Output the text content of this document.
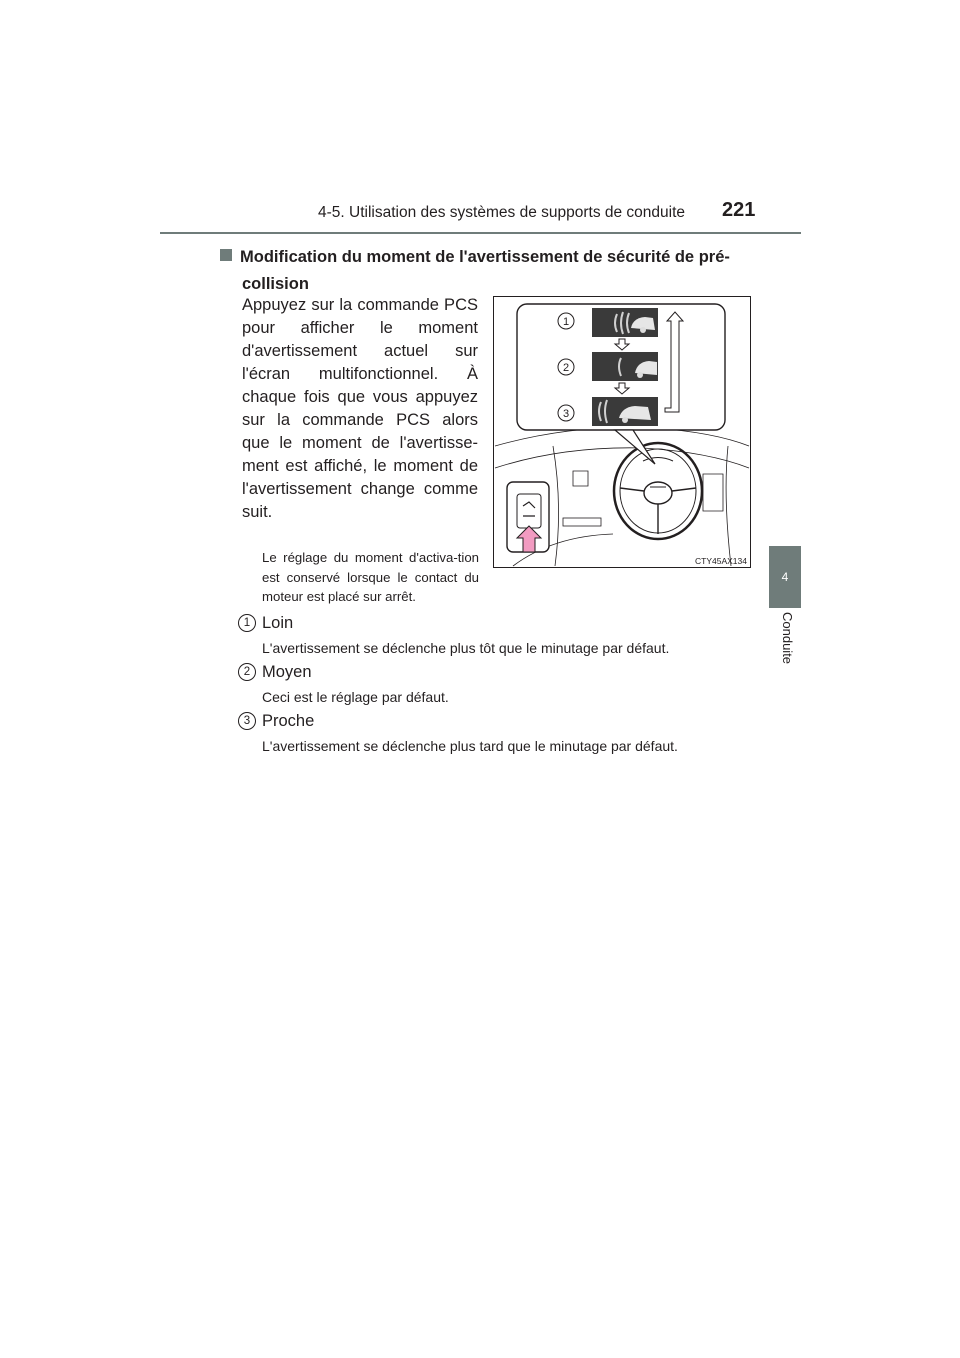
4-5. Utilisation des systèmes de supports de conduite 221
4
Conduite
Modification du moment de l'avertissement de sécurité de pré-
collision
Appuyez sur la commande PCS pour afficher le moment d'avertissement actuel sur l'écran multifonctionnel. À chaque fois que vous appuyez sur la commande PCS alors que le moment de l'avertisse-ment est affiché, le moment de l'avertissement change comme suit.
Le réglage du moment d'activa-tion est conservé lorsque le contact du moteur est placé sur arrêt.
1
2
3
CTY45AX134
1 Loin
L'avertissement se déclenche plus tôt que le minutage par défaut.
2 Moyen
Ceci est le réglage par défaut.
3 Proche
L'avertissement se déclenche plus tard que le minutage par défaut.
